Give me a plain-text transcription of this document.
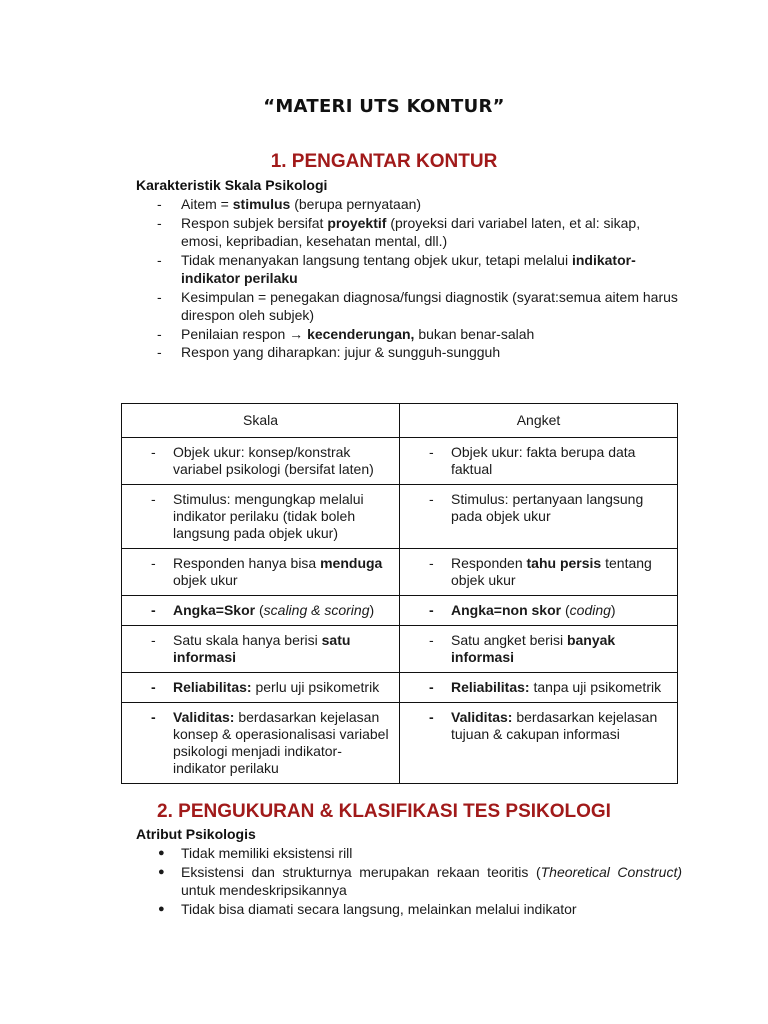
“MATERI UTS KONTUR”
1. PENGANTAR KONTUR
Karakteristik Skala Psikologi
- Aitem = stimulus (berupa pernyataan)
- Respon subjek bersifat proyektif (proyeksi dari variabel laten, et al: sikap, emosi, kepribadian, kesehatan mental, dll.)
- Tidak menanyakan langsung tentang objek ukur, tetapi melalui indikator-indikator perilaku
- Kesimpulan = penegakan diagnosa/fungsi diagnostik (syarat:semua aitem harus direspon oleh subjek)
- Penilaian respon → kecenderungan, bukan benar-salah
- Respon yang diharapkan: jujur & sungguh-sungguh
Skala	Angket

- Objek ukur: konsep/konstrak variabel psikologi (bersifat laten)	- Objek ukur: fakta berupa data faktual

- Stimulus: mengungkap melalui indikator perilaku (tidak boleh langsung pada objek ukur)	- Stimulus: pertanyaan langsung pada objek ukur

- Responden hanya bisa menduga objek ukur	- Responden tahu persis tentang objek ukur

- Angka=Skor (scaling & scoring)	- Angka=non skor (coding)

- Satu skala hanya berisi satu informasi	- Satu angket berisi banyak informasi

- Reliabilitas: perlu uji psikometrik	- Reliabilitas: tanpa uji psikometrik

- Validitas: berdasarkan kejelasan konsep & operasionalisasi variabel psikologi menjadi indikator-indikator perilaku	- Validitas: berdasarkan kejelasan tujuan & cakupan informasi
2. PENGUKURAN & KLASIFIKASI TES PSIKOLOGI
Atribut Psikologis
● Tidak memiliki eksistensi rill
● Eksistensi dan strukturnya merupakan rekaan teoritis (Theoretical Construct) untuk mendeskripsikannya
● Tidak bisa diamati secara langsung, melainkan melalui indikator
